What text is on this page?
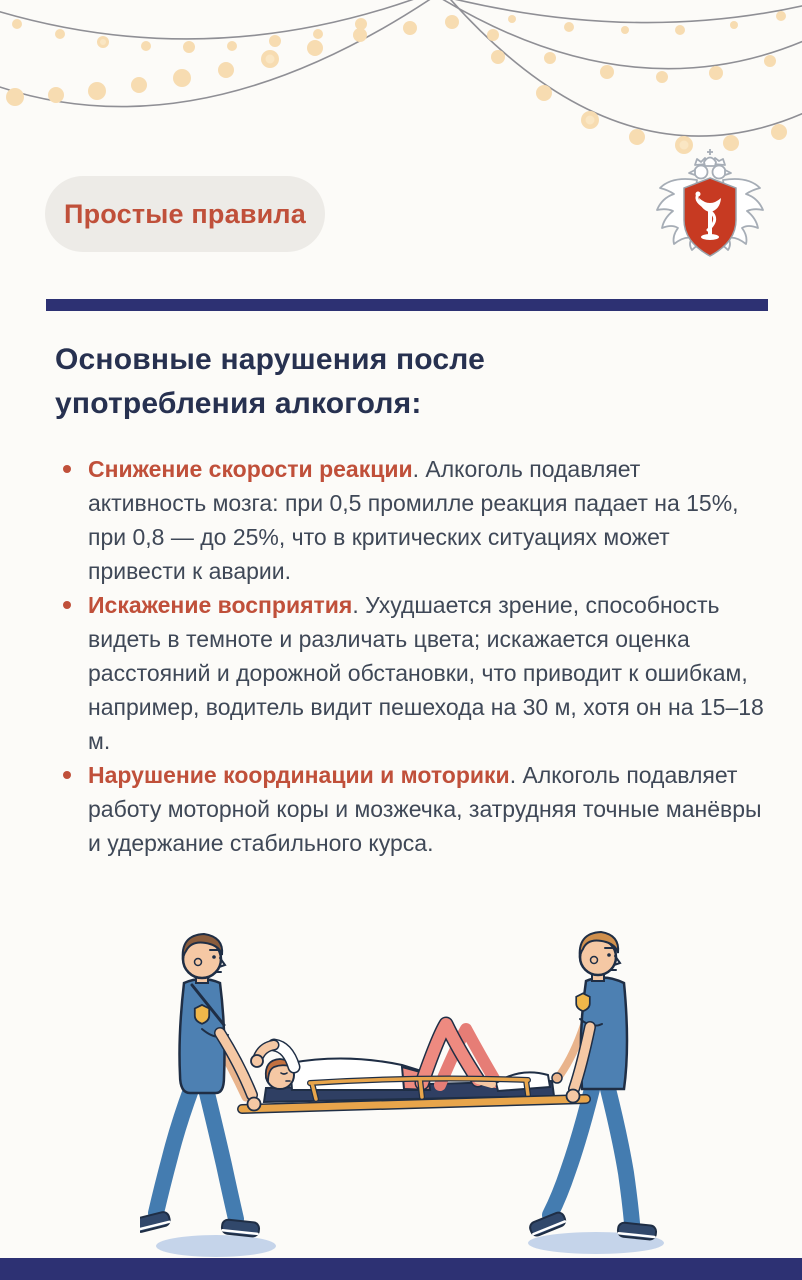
Простые правила
Основные нарушения после
употребления алкоголя:
Снижение скорости реакции. Алкоголь подавляет активность мозга: при 0,5 промилле реакция падает на 15%, при 0,8 — до 25%, что в критических ситуациях может привести к аварии.
Искажение восприятия. Ухудшается зрение, способность видеть в темноте и различать цвета; искажается оценка расстояний и дорожной обстановки, что приводит к ошибкам, например, водитель видит пешехода на 30 м, хотя он на 15–18 м.
Нарушение координации и моторики. Алкоголь подавляет работу моторной коры и мозжечка, затрудняя точные манёвры и удержание стабильного курса.
